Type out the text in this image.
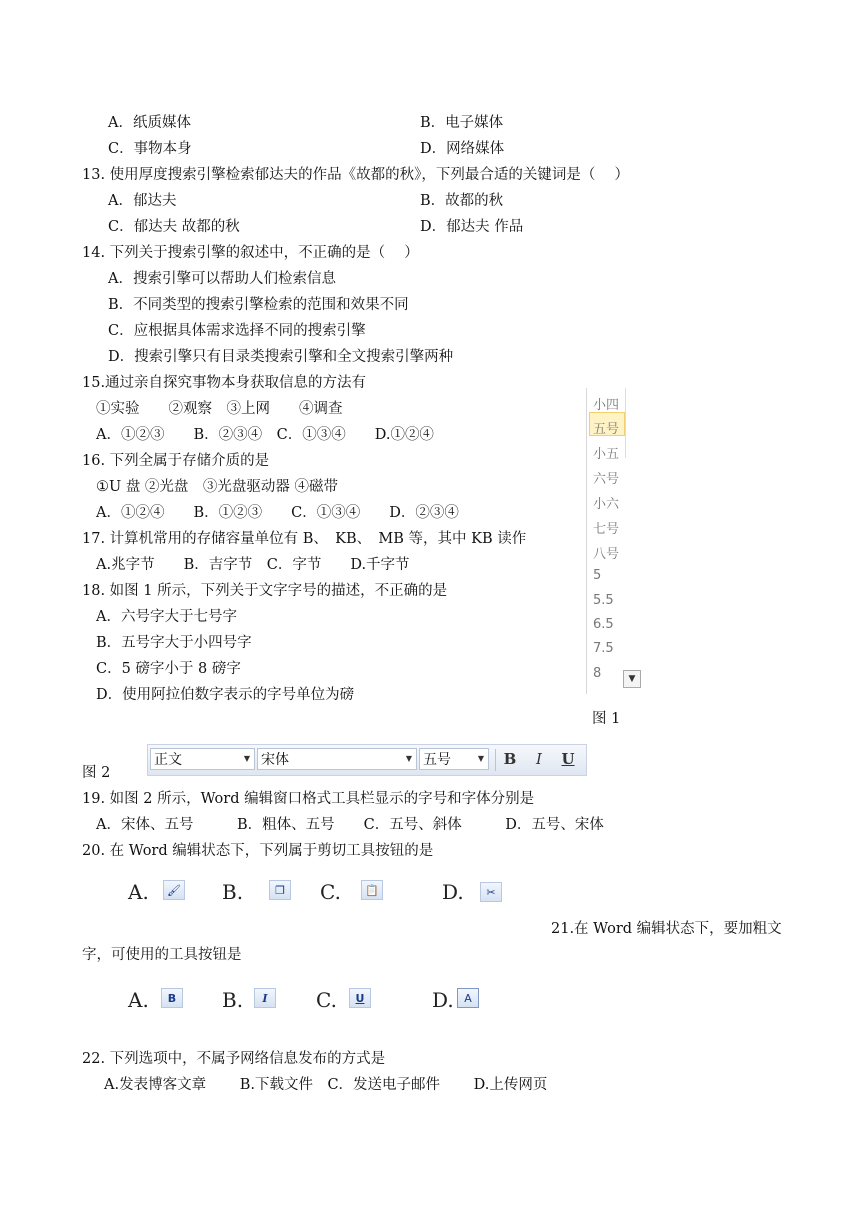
A．纸质媒体	B．电子媒体
C．事物本身	D．网络媒体
13. 使用厚度搜索引擎检索郁达夫的作品《故都的秋》，下列最合适的关键词是（　 ）
A．郁达夫	B．故都的秋
C．郁达夫 故都的秋	D．郁达夫 作品
14. 下列关于搜索引擎的叙述中，不正确的是（　 ）
A．搜索引擎可以帮助人们检索信息
B．不同类型的搜索引擎检索的范围和效果不同
C．应根据具体需求选择不同的搜索引擎
D．搜索引擎只有目录类搜索引擎和全文搜索引擎两种
15.通过亲自探究事物本身获取信息的方法有
①实验　　②观察　③上网　　④调查
A．①②③　　B．②③④　C．①③④　　D.①②④
16. 下列全属于存储介质的是
①U 盘 ②光盘　③光盘驱动器 ④磁带
A．①②④　　B．①②③　　C．①③④　　D．②③④
17. 计算机常用的存储容量单位有 B、　KB、　MB 等，其中 KB 读作
A.兆字节　　B．吉字节　C．字节　　D.千字节
18. 如图 1 所示，下列关于文字字号的描述，不正确的是
A．六号字大于七号字
B．五号字大于小四号字
C．5 磅字小于 8 磅字
D．使用阿拉伯数字表示的字号单位为磅
小四
五号
小五
六号
小六
七号
八号
5
5.5
6.5
7.5
8	▼
图 1
图 2
正文	▼ 宋体	▼ 五号	▼ B	I	U
19. 如图 2 所示，Word 编辑窗口格式工具栏显示的字号和字体分别是
A．宋体、五号　　　B．粗体、五号　　C．五号、斜体　　　D．五号、宋体
20. 在 Word 编辑状态下，下列属于剪切工具按钮的是
A.	🖌 B.	❐	C.	📋	D.	✂
21.在 Word 编辑状态下，要加粗文
字，可使用的工具按钮是
A.	B	B.	I	C.	U	D. A
22. 下列选项中，不属予网络信息发布的方式是
A.发表博客文章　　 B.下载文件　C．发送电子邮件　　 D.上传网页
